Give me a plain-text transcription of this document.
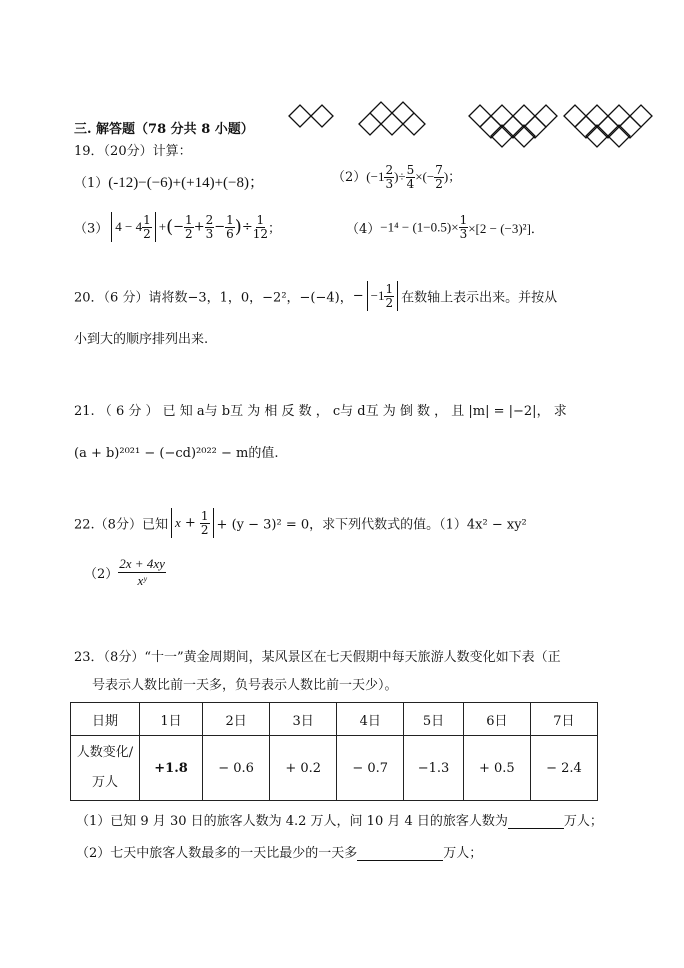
三. 解答题（78 分共 8 小题）
19．（20分）计算：
（1）(-12)−(−6)+(+14)+(−8)；	$(2)(-1 \frac{2}{3}$ )÷ $\frac{5}{4}$ ×(− $\frac{7}{2}$ )；
（3） $4 - 4 \frac{1}{2}$ +(− $\frac{1}{2} + \frac{2}{3} - \frac{1}{6}$ )÷ $\frac{1}{12}$ ；	$(4)-1^4 - (1-0.5)\times \frac{1}{3} \times[2 - (-3)^2]$．
20．（6 分）请将数−3，1，0，−2²，−(−4)，− $-1 \frac{1}{2}$ 在数轴上表示出来。并按从
小到大的顺序排列出来.
21. （ 6 分 ） 已 知 a与 b互 为 相 反 数 ， c与 d互 为 倒 数 ， 且 |m| = |−2|， 求
(a + b)²⁰²¹ − (−cd)²⁰²² − m的值.
22.（8分）已知 $x + \frac{1}{2} + (y - 3)^2 = 0$，求下列代数式的值。（1）4x² − xy²
$(2) \frac{2x + 4xy}{\text{xʸ}}$
23．（8分）“十一”黄金周期间，某风景区在七天假期中每天旅游人数变化如下表（正
号表示人数比前一天多，负号表示人数比前一天少）。
日期	1日	2日	3日	4日	5日	6日	7日

人数变化/
万人	+1.8	− 0.6	+ 0.2	− 0.7	−1.3	+ 0.5	− 2.4
（1）已知 9 月 30 日的旅客人数为 4.2 万人，问 10 月 4 日的旅客人数为	万人；
（2）七天中旅客人数最多的一天比最少的一天多	万人；
